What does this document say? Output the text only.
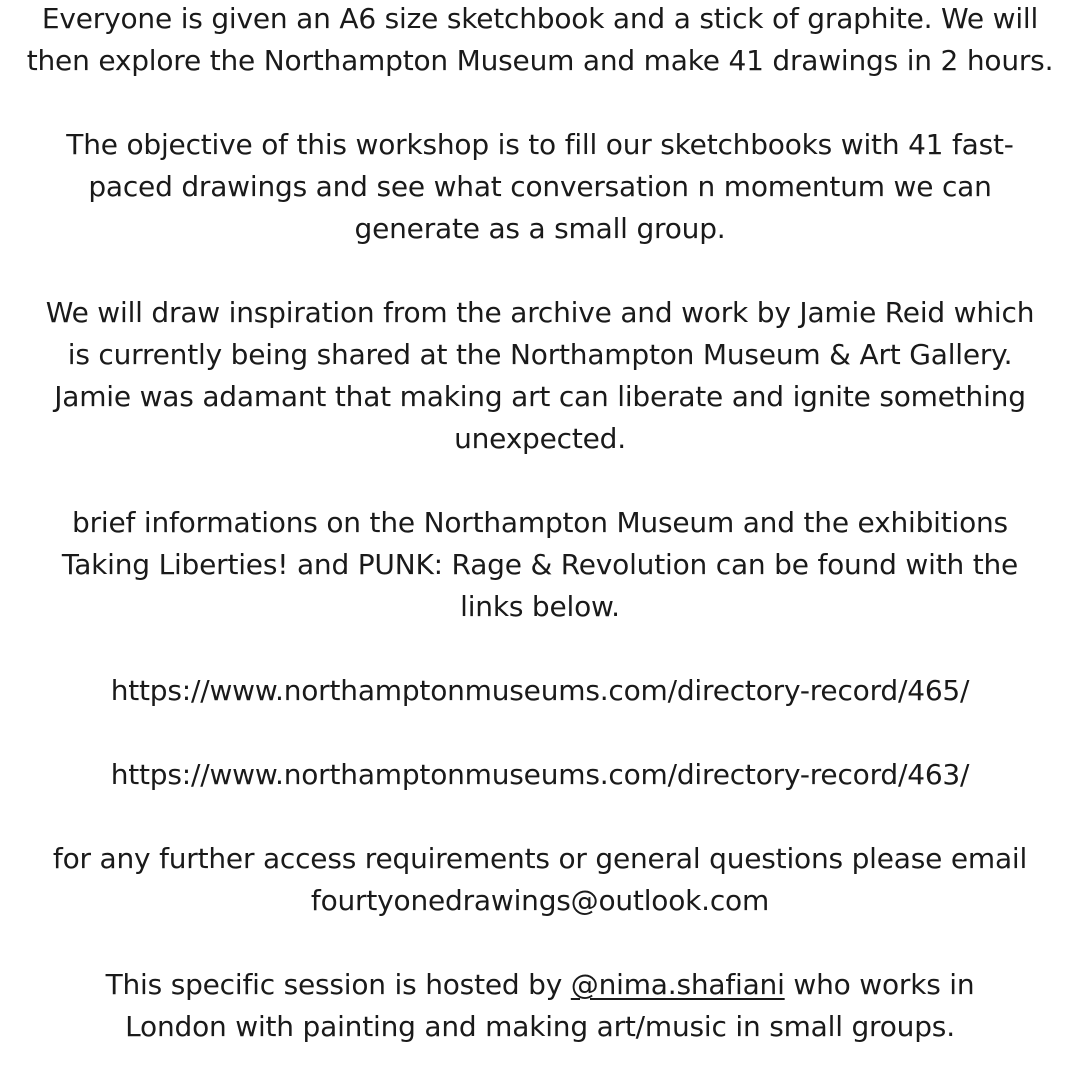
Everyone is given an A6 size sketchbook and a stick of graphite. We will
then explore the Northampton Museum and make 41 drawings in 2 hours.
The objective of this workshop is to fill our sketchbooks with 41 fast-
paced drawings and see what conversation n momentum we can
generate as a small group.
We will draw inspiration from the archive and work by Jamie Reid which
is currently being shared at the Northampton Museum & Art Gallery.
Jamie was adamant that making art can liberate and ignite something
unexpected.
brief informations on the Northampton Museum and the exhibitions
Taking Liberties! and PUNK: Rage & Revolution can be found with the
links below.
https://www.northamptonmuseums.com/directory-record/465/
https://www.northamptonmuseums.com/directory-record/463/
for any further access requirements or general questions please email
fourtyonedrawings@outlook.com
This specific session is hosted by @nima.shafiani who works in
London with painting and making art/music in small groups.
